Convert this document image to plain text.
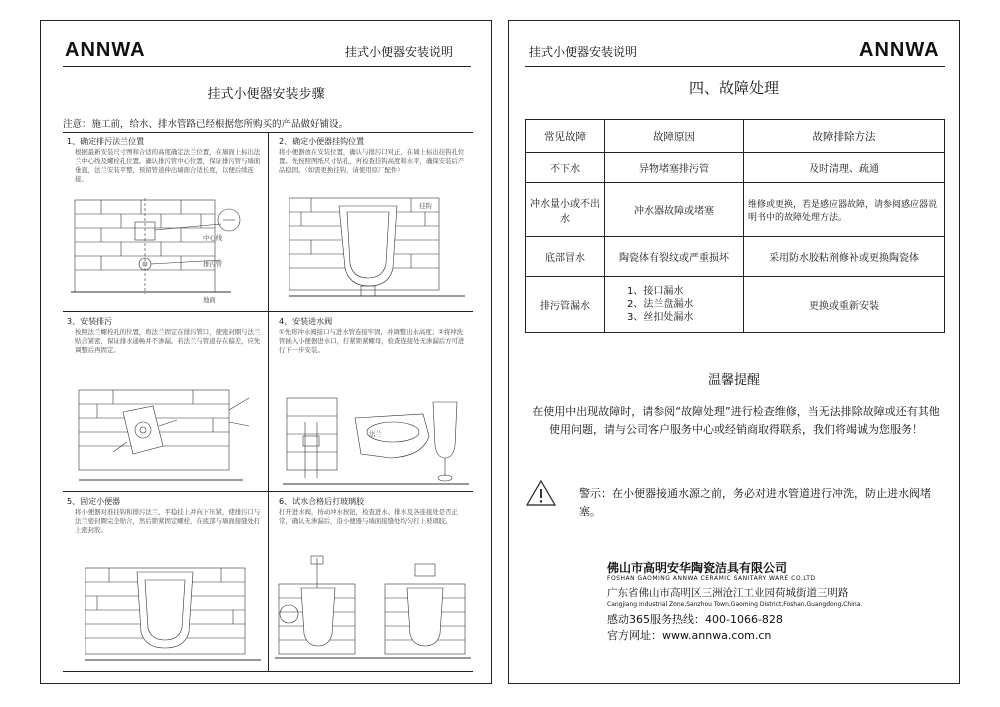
ANNWA	挂式小便器安装说明
挂式小便器安装步骤
注意：施工前，给水、排水管路已经根据您所购买的产品做好铺设。
1、确定排污法兰位置
根据最新安装尺寸图和合适的高度确定法兰位置，在墙面上标出法兰中心线及螺栓孔位置。确认排污管中心位置，保证排污管与墙面垂直，法兰安装平整，预留管道伸出墙面合适长度，以便后续连接。
中心线
排污管
地面
2、确定小便器挂钩位置
将小便器放在安装位置，确认与排污口对正，在墙上标出挂钩孔位置。先按照图纸尺寸钻孔，再检查挂钩高度和水平，确保安装后产品稳固。（如需更换挂钩，请使用原厂配件）
挂钩
3、安装排污
按照法兰螺栓孔的位置，将法兰固定在排污管口，使密封圈与法兰贴合紧密，保证排水通畅并不渗漏。若法兰与管道存在偏差，应先调整后再固定。
4、安装进水阀
①先将冲水阀接口与进水管连接牢固，并调整出水高度；②将冲洗管插入小便器进水口，拧紧锁紧螺母，检查连接处无渗漏后方可进行下一步安装。
法兰
5、固定小便器
将小便器对准挂钩和排污法兰，平稳挂上并向下压紧，使排污口与法兰密封圈完全贴合，然后锁紧固定螺栓，在底部与墙面接缝处打上密封胶。
6、试水合格后打玻璃胶
打开进水阀，按动冲水按钮，检查进水、排水及各连接处是否正常，确认无渗漏后，沿小便器与墙面接缝处均匀打上玻璃胶。
挂式小便器安装说明	ANNWA
四、故障处理
常见故障	故障原因	故障排除方法
不下水	异物堵塞排污管	及时清理、疏通
冲水量小或不出水	冲水器故障或堵塞	维修或更换，若是感应器故障，请参阅感应器说明书中的故障处理方法。
底部冒水	陶瓷体有裂纹或严重损坏	采用防水胶粘剂修补或更换陶瓷体
排污管漏水	1、接口漏水
2、法兰盘漏水
3、丝扣处漏水	更换或重新安装
温馨提醒
在使用中出现故障时，请参阅“故障处理”进行检查维修，当无法排除故障或还有其他使用问题，请与公司客户服务中心或经销商取得联系，我们将竭诚为您服务！
警示：在小便器接通水源之前，务必对进水管道进行冲洗，防止进水阀堵塞。
佛山市高明安华陶瓷洁具有限公司
FOSHAN GAOMING ANNWA CERAMIC SANITARY WARE CO.LTD
广东省佛山市高明区三洲沧江工业园荷城街道三明路
Cangjiang Industrial Zone,Sanzhou Town,Gaoming District,Foshan,Guangdong,China.
感动365服务热线：400-1066-828
官方网址：www.annwa.com.cn
